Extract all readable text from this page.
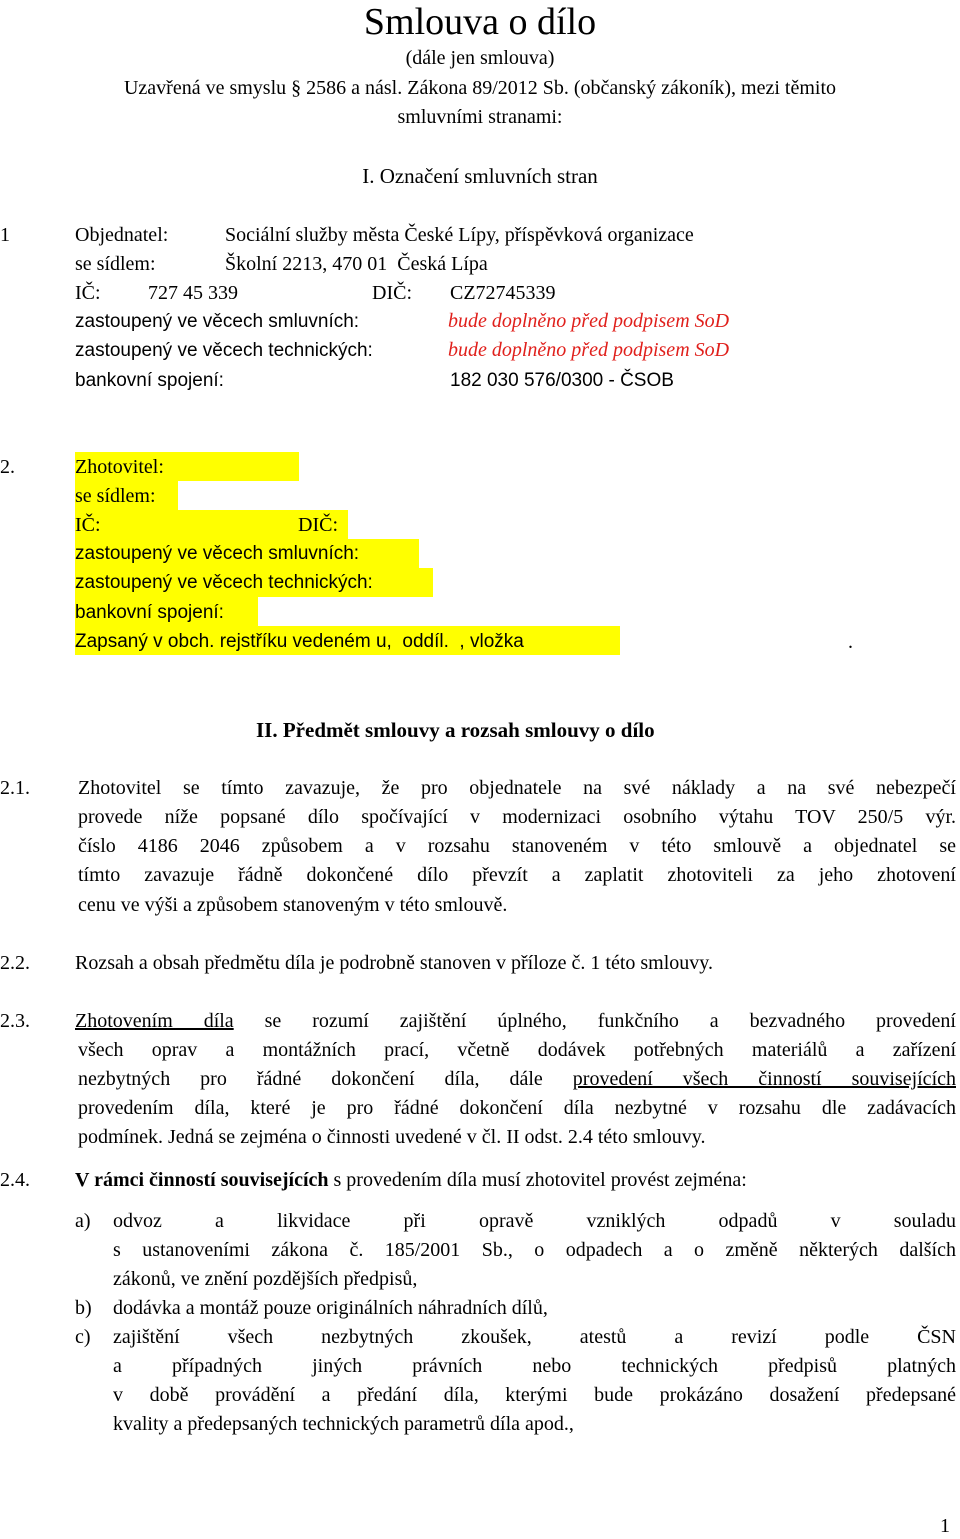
Smlouva o dílo
(dále jen smlouva)
Uzavřená ve smyslu § 2586 a násl. Zákona 89/2012 Sb. (občanský zákoník), mezi těmito
smluvními stranami:
I. Označení smluvních stran
1	Objednatel:	Sociální služby města České Lípy, příspěvková organizace
se sídlem:	Školní 2213, 470 01  Česká Lípa
IČ: 727 45 339	DIČ: CZ72745339
zastoupený ve věcech smluvních:	bude doplněno před podpisem SoD
zastoupený ve věcech technických:	bude doplněno před podpisem SoD
bankovní spojení:	182 030 576/0300 - ČSOB
2.	Zhotovitel:
se sídlem:
IČ:	DIČ:
zastoupený ve věcech smluvních:
zastoupený ve věcech technických:
bankovní spojení:
Zapsaný v obch. rejstříku vedeném u,  oddíl.  , vložka	.
II. Předmět smlouvy a rozsah smlouvy o dílo
2.1. Zhotovitel se tímto zavazuje, že pro objednatele na své náklady a na své nebezpečí
provede níže popsané dílo spočívající v modernizaci osobního výtahu TOV 250/5 výr.
číslo 4186 2046 způsobem a v rozsahu stanoveném v této smlouvě a objednatel se
tímto zavazuje řádně dokončené dílo převzít a zaplatit zhotoviteli za jeho zhotovení
cenu ve výši a způsobem stanoveným v této smlouvě.
2.2. Rozsah a obsah předmětu díla je podrobně stanoven v příloze č. 1 této smlouvy.
2.3. Zhotovením díla se rozumí zajištění úplného, funkčního a bezvadného provedení
všech oprav a montážních prací, včetně dodávek potřebných materiálů a zařízení
nezbytných pro řádné dokončení díla, dále provedení všech činností souvisejících
provedením díla, které je pro řádné dokončení díla nezbytné v rozsahu dle zadávacích
podmínek. Jedná se zejména o činnosti uvedené v čl. II odst. 2.4 této smlouvy.
2.4. V rámci činností souvisejících s provedením díla musí zhotovitel provést zejména:
a) odvoz a likvidace při opravě vzniklých odpadů v souladu
s ustanoveními zákona č. 185/2001 Sb., o odpadech a o změně některých dalších
zákonů, ve znění pozdějších předpisů,
b) dodávka a montáž pouze originálních náhradních dílů,
c) zajištění všech nezbytných zkoušek, atestů a revizí podle ČSN
a případných jiných právních nebo technických předpisů platných
v době provádění a předání díla, kterými bude prokázáno dosažení předepsané
kvality a předepsaných technických parametrů díla apod.,
1
